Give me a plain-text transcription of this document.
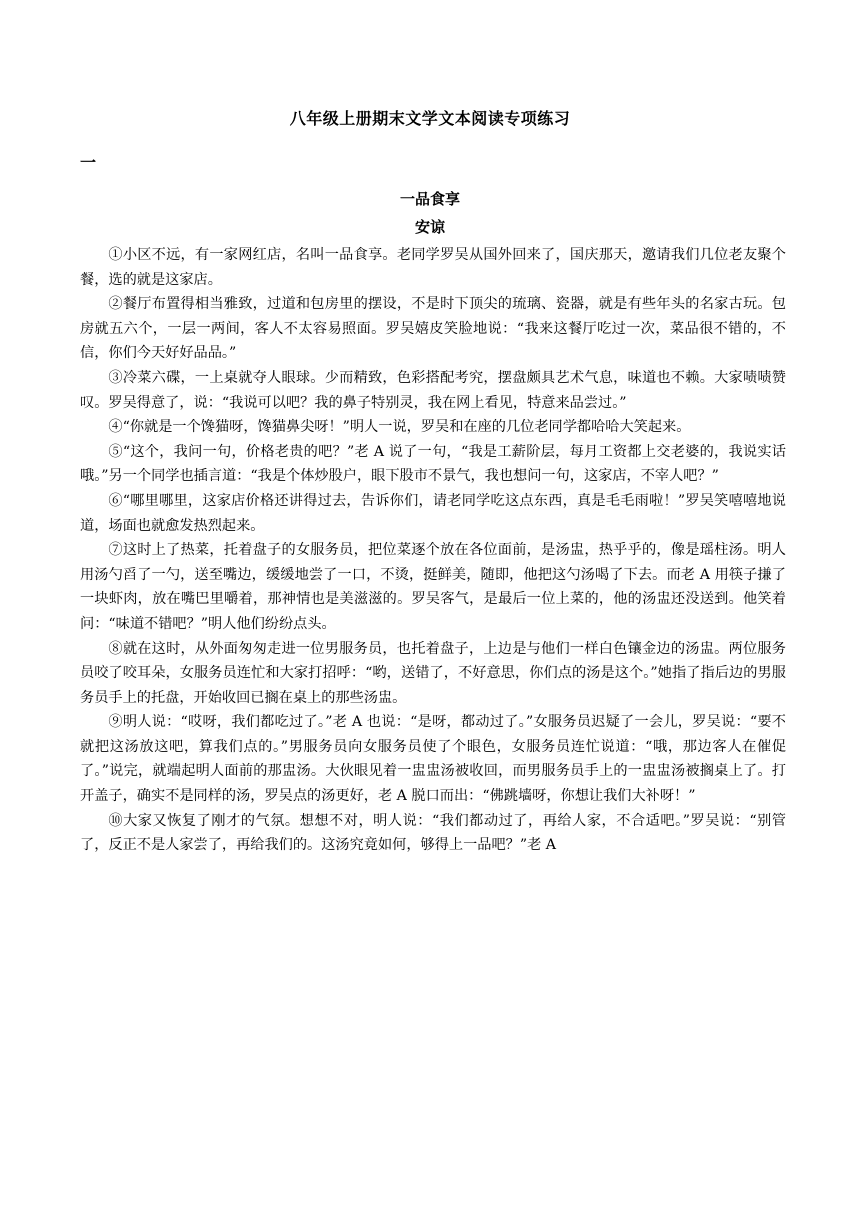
八年级上册期末文学文本阅读专项练习
一
一品食享
安谅

①小区不远，有一家网红店，名叫一品食享。老同学罗吴从国外回来了，国庆那天，邀请我们几位老友聚个餐，选的就是这家店。

②餐厅布置得相当雅致，过道和包房里的摆设，不是时下顶尖的琉璃、瓷器，就是有些年头的名家古玩。包房就五六个，一层一两间，客人不太容易照面。罗吴嬉皮笑脸地说：“我来这餐厅吃过一次，菜品很不错的，不信，你们今天好好品品。”

③冷菜六碟，一上桌就夺人眼球。少而精致，色彩搭配考究，摆盘颇具艺术气息，味道也不赖。大家啧啧赞叹。罗吴得意了，说：“我说可以吧？我的鼻子特别灵，我在网上看见，特意来品尝过。”

④“你就是一个馋猫呀，馋猫鼻尖呀！”明人一说，罗吴和在座的几位老同学都哈哈大笑起来。

⑤“这个，我问一句，价格老贵的吧？”老 A 说了一句，“我是工薪阶层，每月工资都上交老婆的，我说实话哦。”另一个同学也插言道：“我是个体炒股户，眼下股市不景气，我也想问一句，这家店，不宰人吧？”

⑥“哪里哪里，这家店价格还讲得过去，告诉你们，请老同学吃这点东西，真是毛毛雨啦！”罗吴笑嘻嘻地说道，场面也就愈发热烈起来。

⑦这时上了热菜，托着盘子的女服务员，把位菜逐个放在各位面前，是汤盅，热乎乎的，像是瑶柱汤。明人用汤勺舀了一勺，送至嘴边，缓缓地尝了一口，不烫，挺鲜美，随即，他把这勺汤喝了下去。而老 A 用筷子搛了一块虾肉，放在嘴巴里嚼着，那神情也是美滋滋的。罗吴客气，是最后一位上菜的，他的汤盅还没送到。他笑着问：“味道不错吧？”明人他们纷纷点头。

⑧就在这时，从外面匆匆走进一位男服务员，也托着盘子，上边是与他们一样白色镶金边的汤盅。两位服务员咬了咬耳朵，女服务员连忙和大家打招呼：“哟，送错了，不好意思，你们点的汤是这个。”她指了指后边的男服务员手上的托盘，开始收回已搁在桌上的那些汤盅。

⑨明人说：“哎呀，我们都吃过了。”老 A 也说：“是呀，都动过了。”女服务员迟疑了一会儿，罗吴说：“要不就把这汤放这吧，算我们点的。”男服务员向女服务员使了个眼色，女服务员连忙说道：“哦，那边客人在催促了。”说完，就端起明人面前的那盅汤。大伙眼见着一盅盅汤被收回，而男服务员手上的一盅盅汤被搁桌上了。打开盖子，确实不是同样的汤，罗吴点的汤更好，老 A 脱口而出：“佛跳墙呀，你想让我们大补呀！”

⑩大家又恢复了刚才的气氛。想想不对，明人说：“我们都动过了，再给人家，不合适吧。”罗吴说：“别管了，反正不是人家尝了，再给我们的。这汤究竟如何，够得上一品吧？”老 A
